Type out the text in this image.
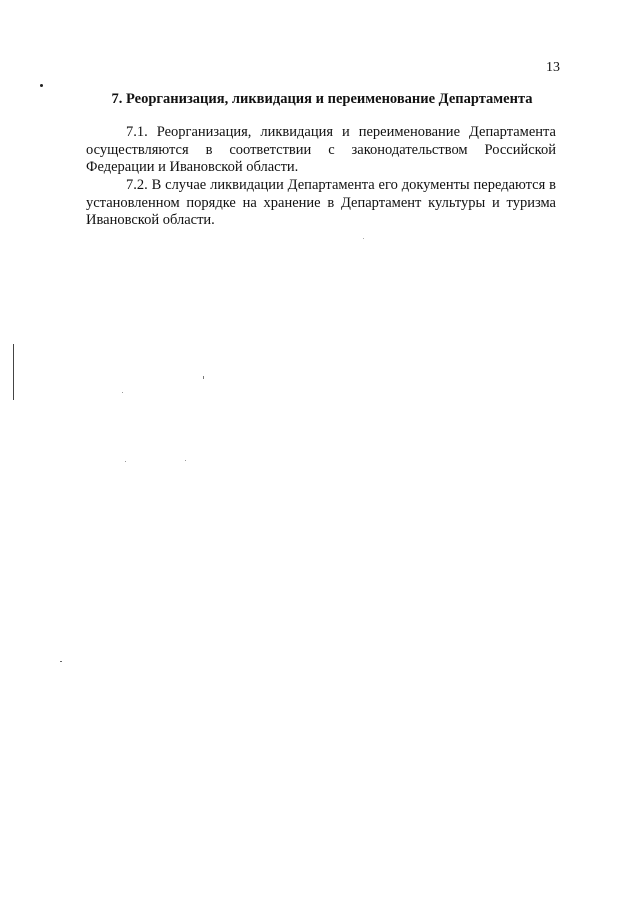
13
7. Реорганизация, ликвидация и переименование Департамента

7.1. Реорганизация, ликвидация и переименование Департамента осуществляются в соответствии с законодательством Российской Федерации и Ивановской области.

7.2. В случае ликвидации Департамента его документы передаются в установленном порядке на хранение в Департамент культуры и туризма Ивановской области.
